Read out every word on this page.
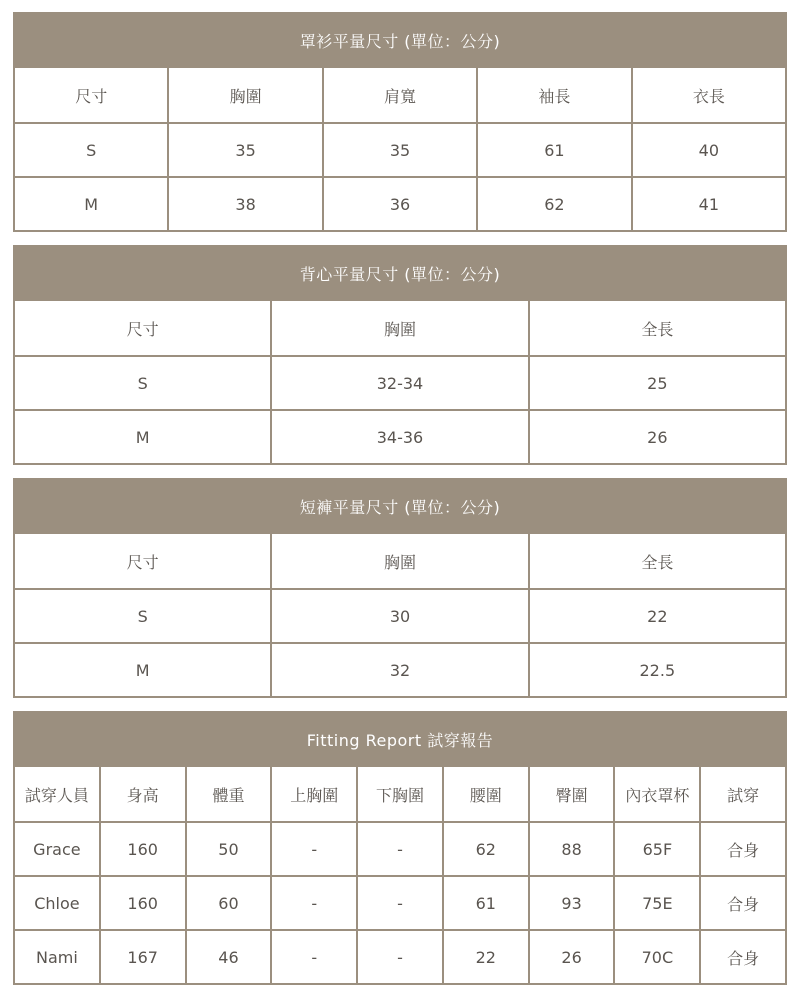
罩衫平量尺寸 (單位：公分)
尺寸	胸圍	肩寬	袖長	衣長
S	35	35	61	40
M	38	36	62	41
背心平量尺寸 (單位：公分)
尺寸	胸圍	全長
S	32-34	25
M	34-36	26
短褲平量尺寸 (單位：公分)
尺寸	胸圍	全長
S	30	22
M	32	22.5
Fitting Report 試穿報告
試穿人員	身高	體重	上胸圍	下胸圍	腰圍	臀圍	內衣罩杯	試穿
Grace	160	50	-	-	62	88	65F	合身
Chloe	160	60	-	-	61	93	75E	合身
Nami	167	46	-	-	22	26	70C	合身
